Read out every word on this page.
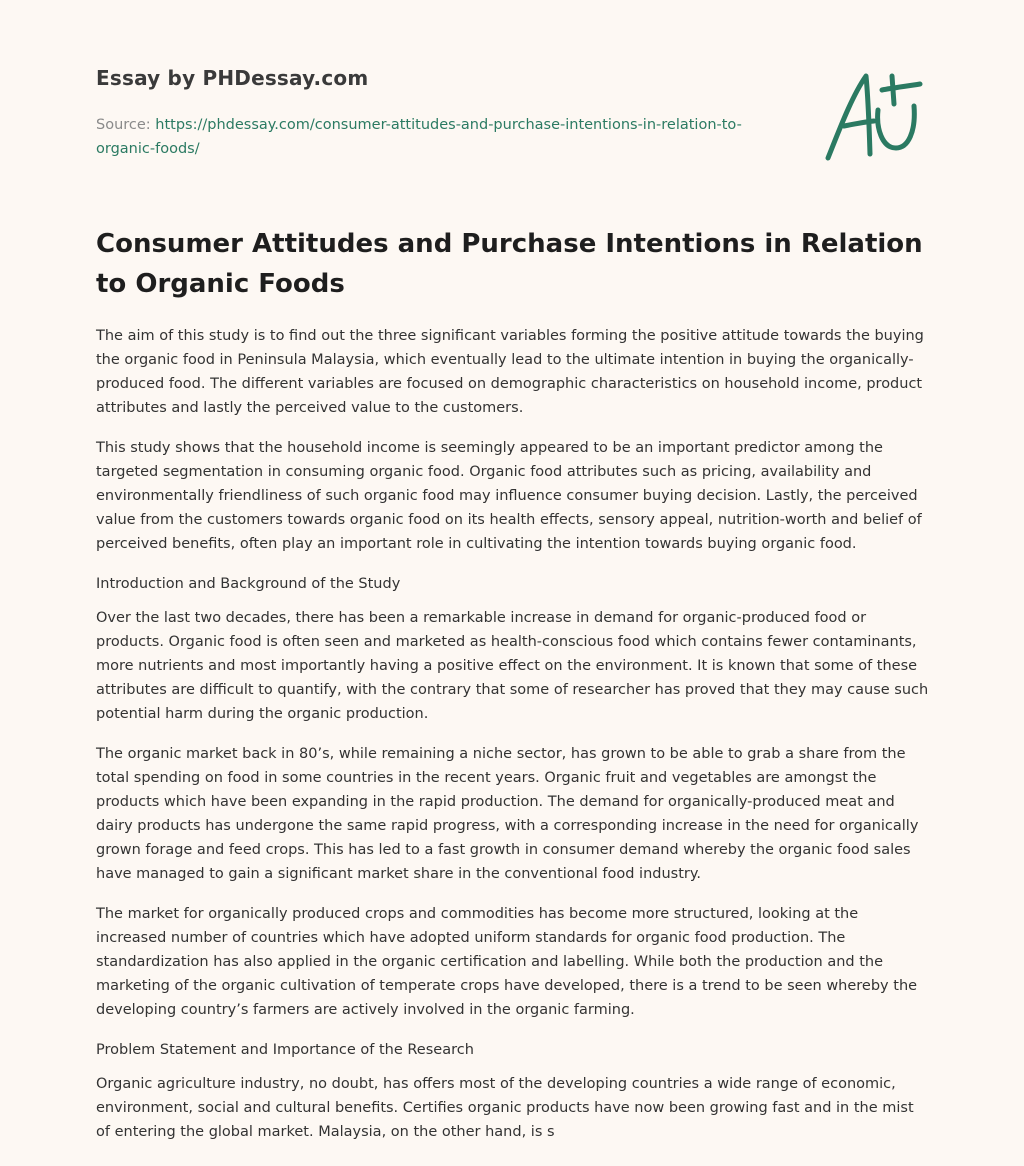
Essay by PHDessay.com
Source: https://phdessay.com/consumer-attitudes-and-purchase-intentions-in-relation-to-organic-foods/
Consumer Attitudes and Purchase Intentions in Relation to Organic Foods

The aim of this study is to find out the three significant variables forming the positive attitude towards the buying the organic food in Peninsula Malaysia, which eventually lead to the ultimate intention in buying the organically-produced food. The different variables are focused on demographic characteristics on household income, product attributes and lastly the perceived value to the customers.

This study shows that the household income is seemingly appeared to be an important predictor among the targeted segmentation in consuming organic food. Organic food attributes such as pricing, availability and environmentally friendliness of such organic food may influence consumer buying decision. Lastly, the perceived value from the customers towards organic food on its health effects, sensory appeal, nutrition-worth and belief of perceived benefits, often play an important role in cultivating the intention towards buying organic food.

Introduction and Background of the Study

Over the last two decades, there has been a remarkable increase in demand for organic-produced food or products. Organic food is often seen and marketed as health-conscious food which contains fewer contaminants, more nutrients and most importantly having a positive effect on the environment. It is known that some of these attributes are difficult to quantify, with the contrary that some of researcher has proved that they may cause such potential harm during the organic production.

The organic market back in 80’s, while remaining a niche sector, has grown to be able to grab a share from the total spending on food in some countries in the recent years. Organic fruit and vegetables are amongst the products which have been expanding in the rapid production. The demand for organically-produced meat and dairy products has undergone the same rapid progress, with a corresponding increase in the need for organically grown forage and feed crops. This has led to a fast growth in consumer demand whereby the organic food sales have managed to gain a significant market share in the conventional food industry.

The market for organically produced crops and commodities has become more structured, looking at the increased number of countries which have adopted uniform standards for organic food production. The standardization has also applied in the organic certification and labelling. While both the production and the marketing of the organic cultivation of temperate crops have developed, there is a trend to be seen whereby the developing country’s farmers are actively involved in the organic farming.

Problem Statement and Importance of the Research

Organic agriculture industry, no doubt, has offers most of the developing countries a wide range of economic, environment, social and cultural benefits. Certifies organic products have now been growing fast and in the mist of entering the global market. Malaysia, on the other hand, is s
